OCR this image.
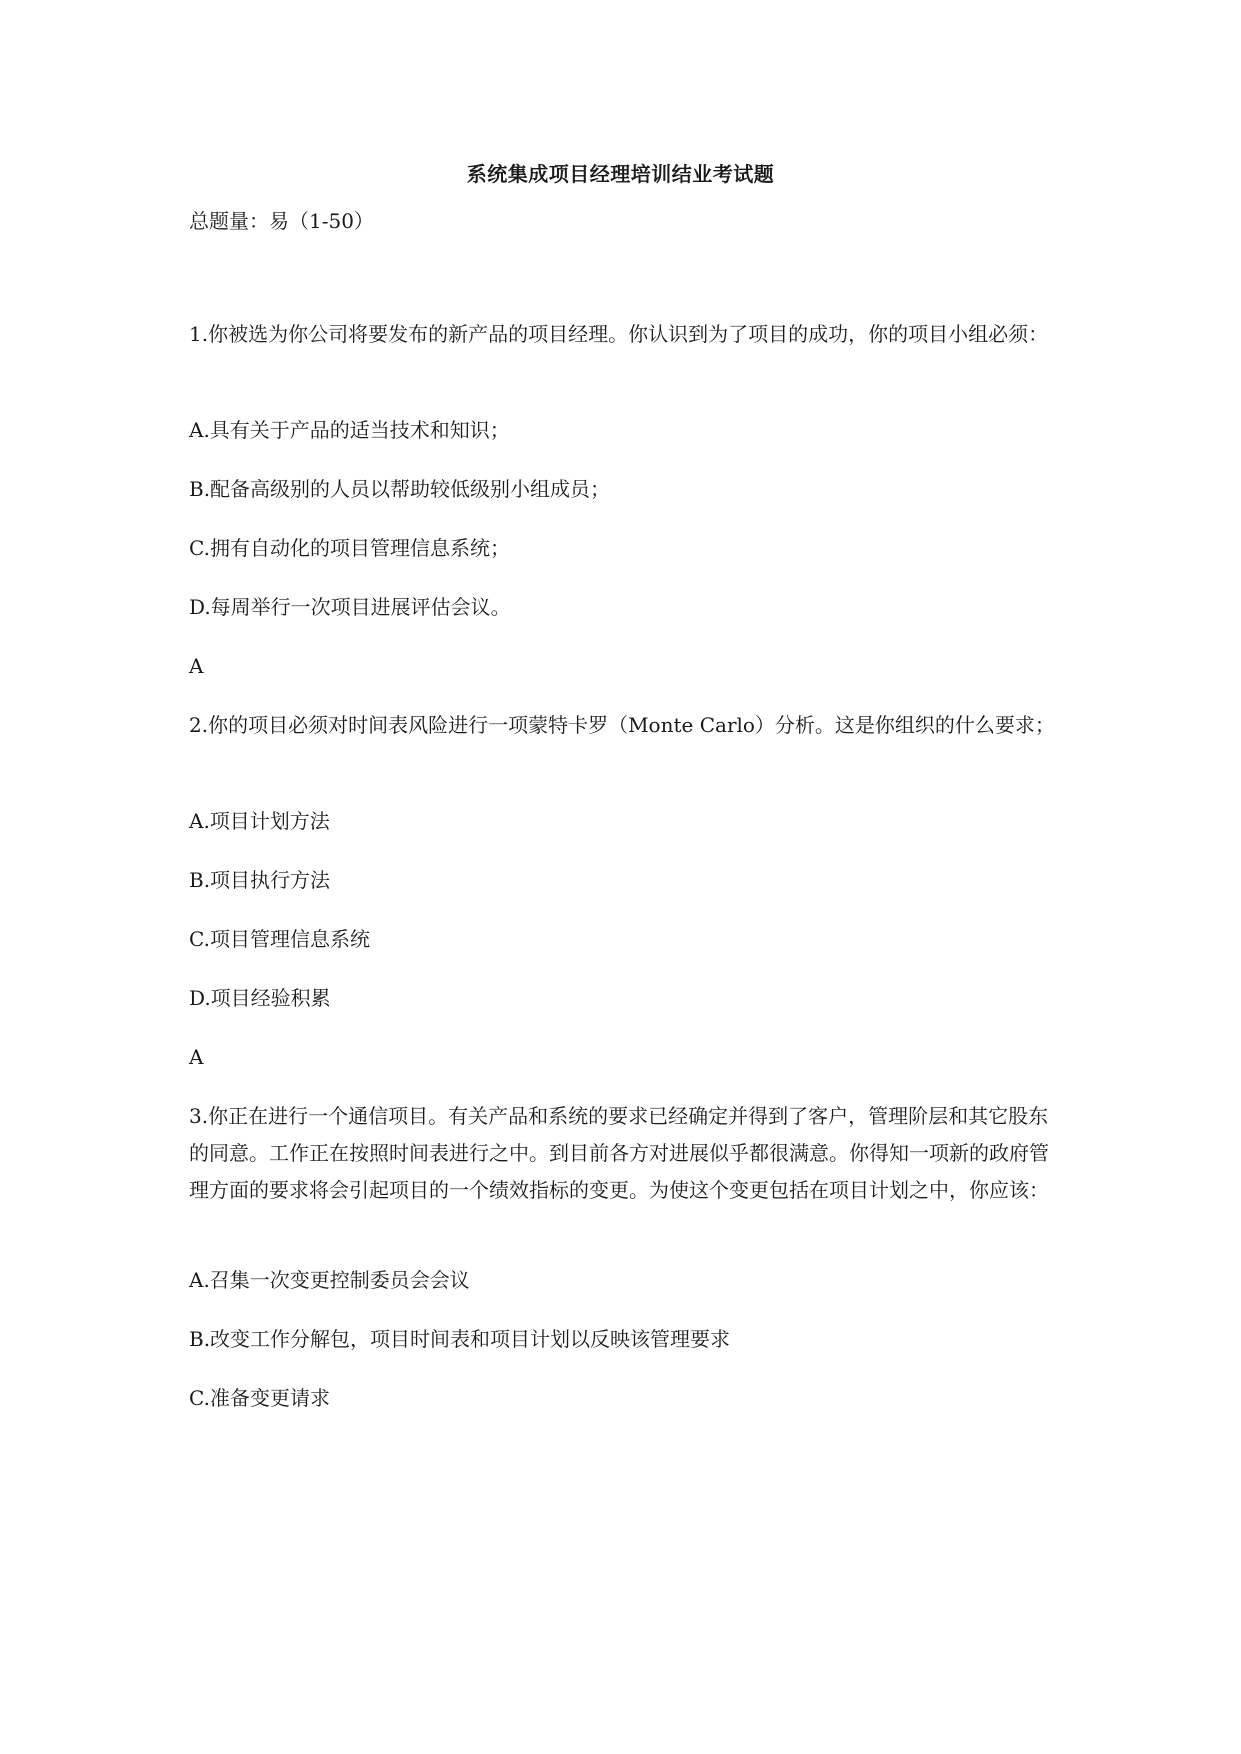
系统集成项目经理培训结业考试题
总题量：易（1-50）
1.你被选为你公司将要发布的新产品的项目经理。你认识到为了项目的成功，你的项目小组必须：
A.具有关于产品的适当技术和知识；
B.配备高级别的人员以帮助较低级别小组成员；
C.拥有自动化的项目管理信息系统；
D.每周举行一次项目进展评估会议。
A
2.你的项目必须对时间表风险进行一项蒙特卡罗（Monte Carlo）分析。这是你组织的什么要求；
A.项目计划方法
B.项目执行方法
C.项目管理信息系统
D.项目经验积累
A
3.你正在进行一个通信项目。有关产品和系统的要求已经确定并得到了客户，管理阶层和其它股东的同意。工作正在按照时间表进行之中。到目前各方对进展似乎都很满意。你得知一项新的政府管理方面的要求将会引起项目的一个绩效指标的变更。为使这个变更包括在项目计划之中，你应该：
A.召集一次变更控制委员会会议
B.改变工作分解包，项目时间表和项目计划以反映该管理要求
C.准备变更请求
